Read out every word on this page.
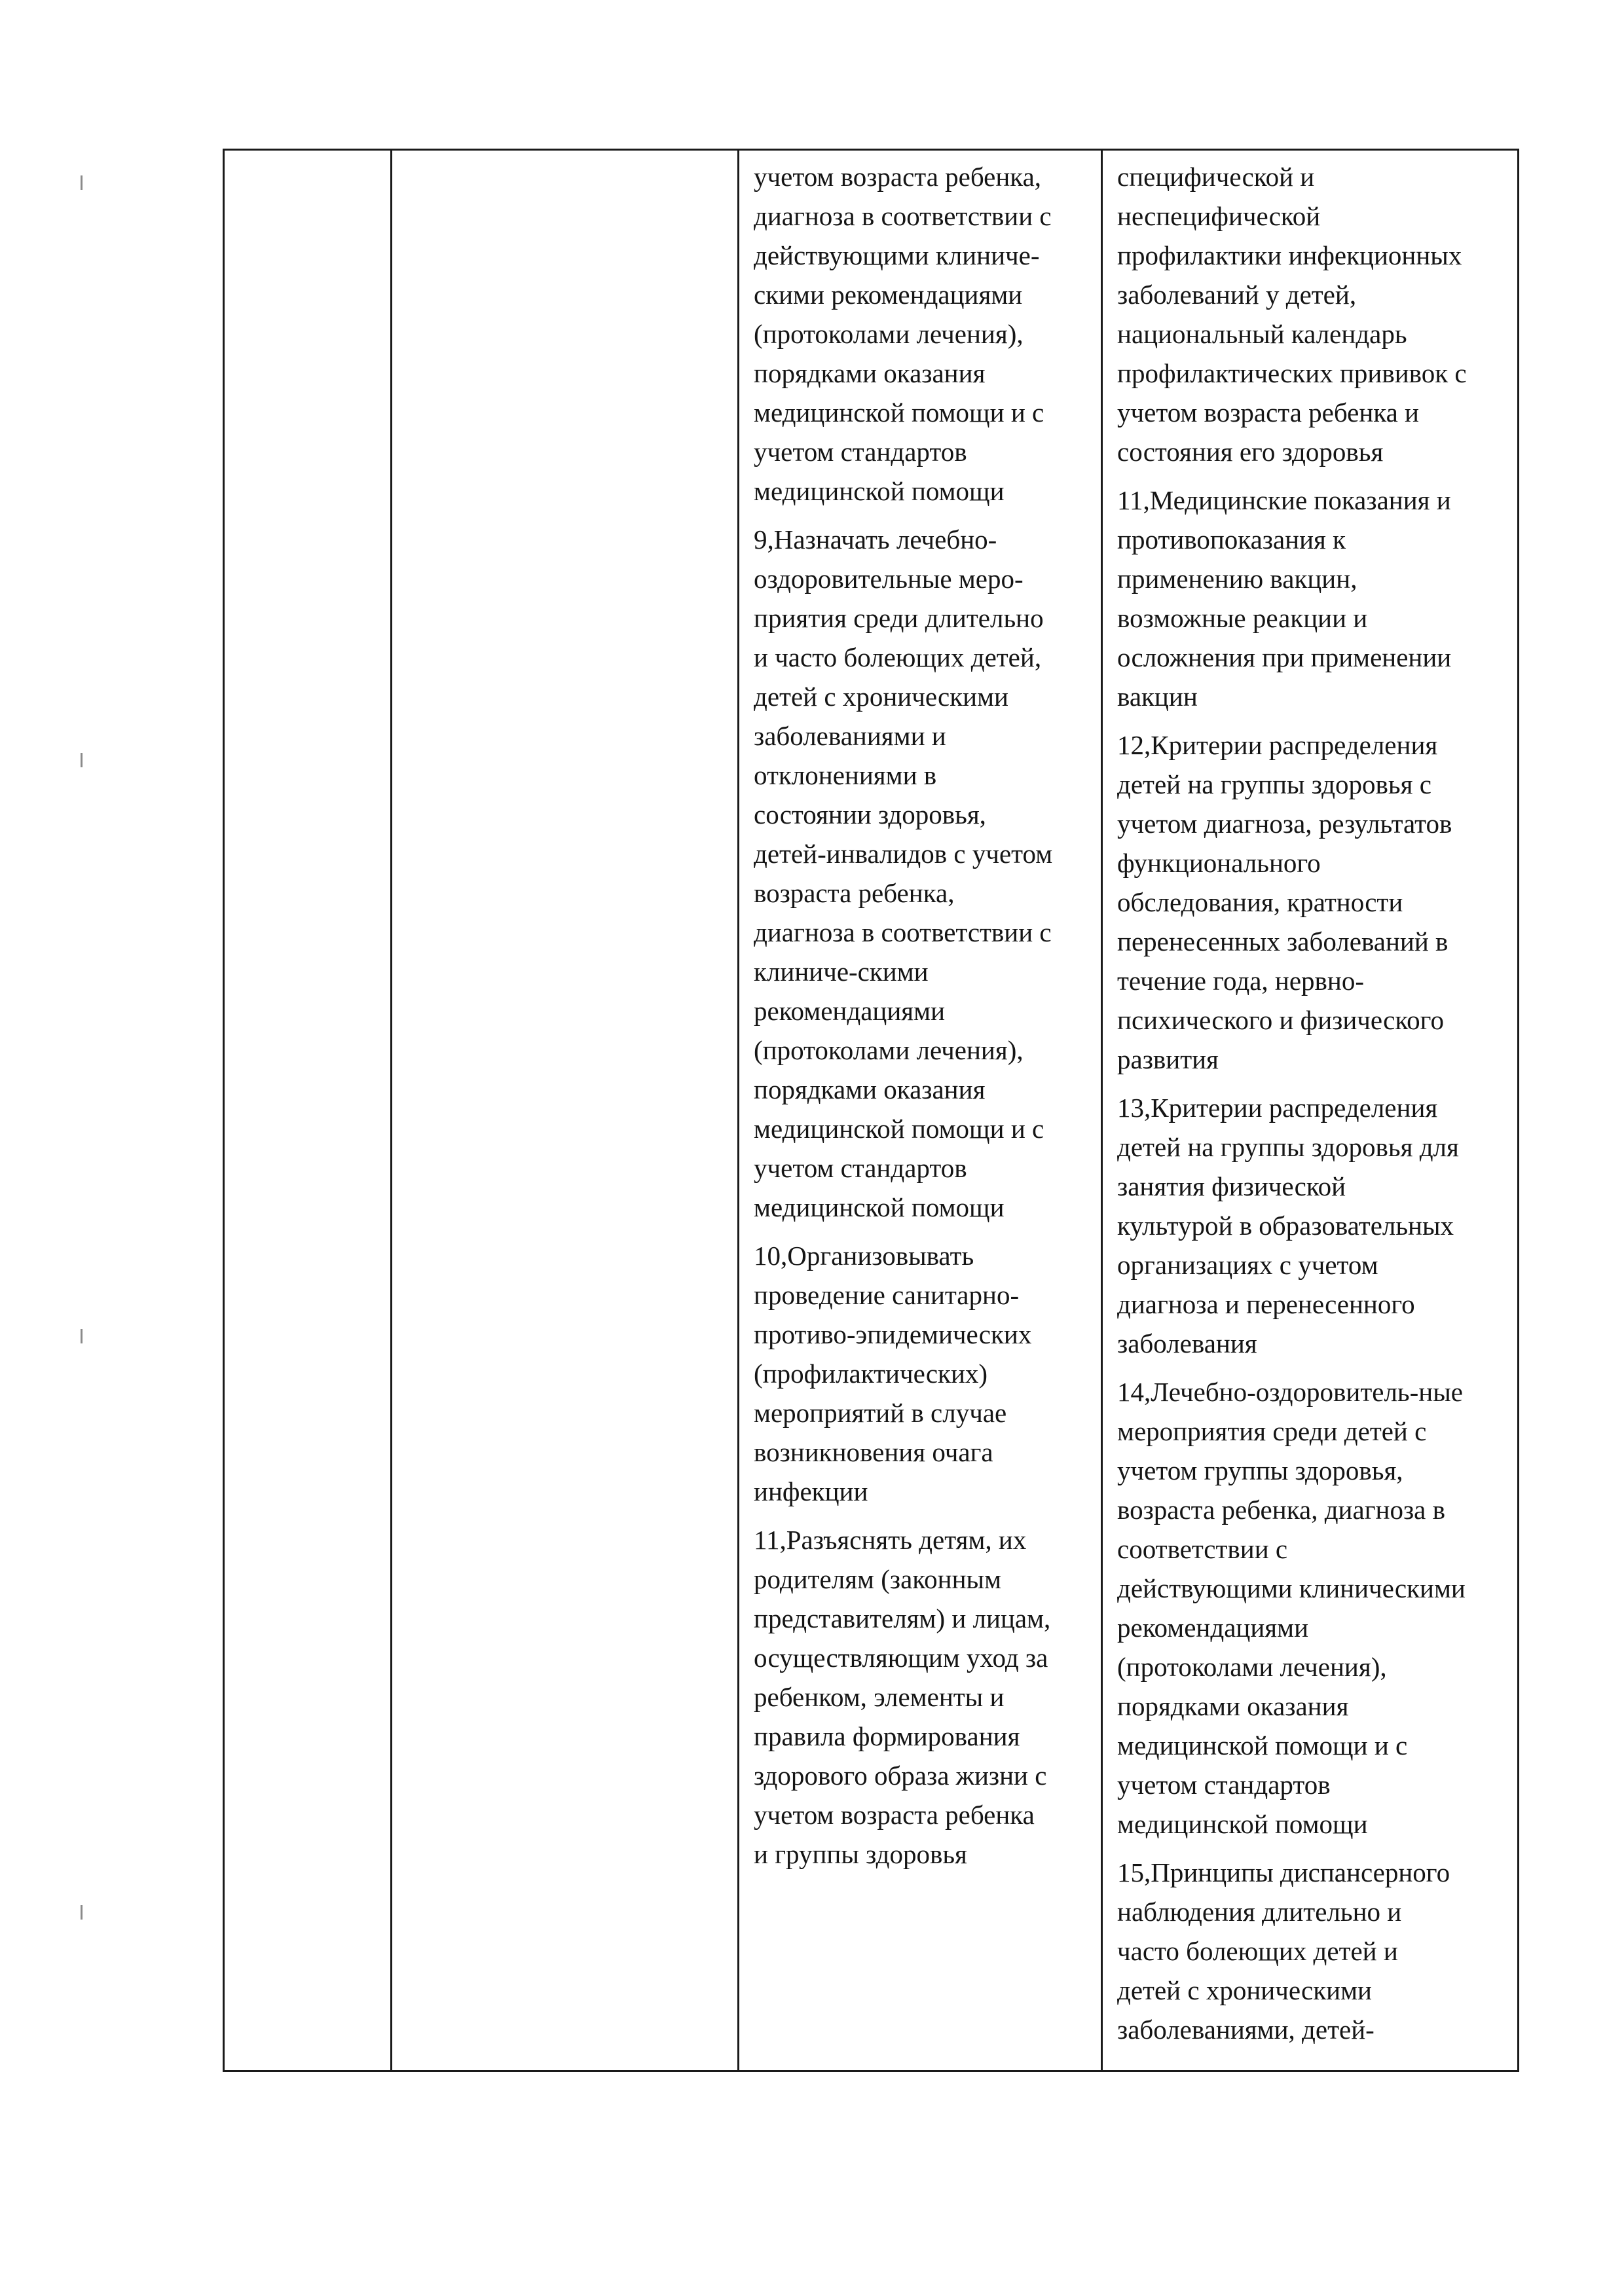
учетом возраста ребенка,
диагноза в соответствии с
действующими клиниче-
скими рекомендациями
(протоколами лечения),
порядками оказания
медицинской помощи и с
учетом стандартов
медицинской помощи

9,Назначать лечебно-
оздоровительные меро-
приятия среди длительно
и часто болеющих детей,
детей с хроническими
заболеваниями и
отклонениями в
состоянии здоровья,
детей-инвалидов с учетом
возраста ребенка,
диагноза в соответствии с
клиниче-скими
рекомендациями
(протоколами лечения),
порядками оказания
медицинской помощи и с
учетом стандартов
медицинской помощи

10,Организовывать
проведение санитарно-
противо-эпидемических
(профилактических)
мероприятий в случае
возникновения очага
инфекции

11,Разъяснять детям, их
родителям (законным
представителям) и лицам,
осуществляющим уход за
ребенком, элементы и
правила формирования
здорового образа жизни с
учетом возраста ребенка
и группы здоровья

специфической и
неспецифической
профилактики инфекционных
заболеваний у детей,
национальный календарь
профилактических прививок с
учетом возраста ребенка и
состояния его здоровья

11,Медицинские показания и
противопоказания к
применению вакцин,
возможные реакции и
осложнения при применении
вакцин

12,Критерии распределения
детей на группы здоровья с
учетом диагноза, результатов
функционального
обследования, кратности
перенесенных заболеваний в
течение года, нервно-
психического и физического
развития

13,Критерии распределения
детей на группы здоровья для
занятия физической
культурой в образовательных
организациях с учетом
диагноза и перенесенного
заболевания

14,Лечебно-оздоровитель-ные
мероприятия среди детей с
учетом группы здоровья,
возраста ребенка, диагноза в
соответствии с
действующими клиническими
рекомендациями
(протоколами лечения),
порядками оказания
медицинской помощи и с
учетом стандартов
медицинской помощи

15,Принципы диспансерного
наблюдения длительно и
часто болеющих детей и
детей с хроническими
заболеваниями, детей-
